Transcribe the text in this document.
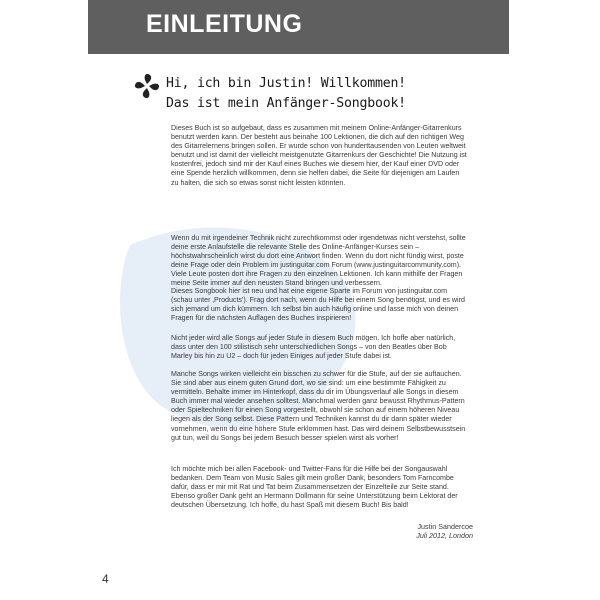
EINLEITUNG
Hi, ich bin Justin! Willkommen!
Das ist mein Anfänger-Songbook!
Dieses Buch ist so aufgebaut, dass es zusammen mit meinem Online-Anfänger-Gitarrenkurs benutzt werden kann. Der besteht aus beinahe 100 Lektionen, die dich auf den richtigen Weg des Gitarrelernens bringen sollen. Er wurde schon von hunderttausenden von Leuten weltweit benutzt und ist damit der vielleicht meistgenutzte Gitarrenkurs der Geschichte! Die Nutzung ist kostenfrei, jedoch sind mir der Kauf eines Buches wie diesem hier, der Kauf einer DVD oder eine Spende herzlich willkommen, denn sie helfen dabei, die Seite für diejenigen am Laufen zu halten, die sich so etwas sonst nicht leisten könnten.
Wenn du mit irgendeiner Technik nicht zurechtkommst oder irgendetwas nicht verstehst, solltе deine erste Anlaufstelle die relevante Stelle des Online-Anfänger-Kurses sein – höchstwahrscheinlich wirst du dort eine Antwort finden. Wenn du dort nicht fündig wirst, poste deine Frage oder dein Problem im justinguitar.com Forum (www.justinguitarcommunity.com). Viele Leute posten dort ihre Fragen zu den einzelnen Lektionen. Ich kann mithilfe der Fragen meine Seite immer auf den neusten Stand bringen und verbessern.
Dieses Songbook hier ist neu und hat eine eigene Sparte im Forum von justinguitar.com (schau unter ‚Products'). Frag dort nach, wenn du Hilfe bei einem Song benötigst, und es wird sich jemand um dich kümmern. Ich selbst bin auch häufig online und lasse mich von deinen Fragen für die nächsten Auflagen des Buches inspirieren!
Nicht jeder wird alle Songs auf jeder Stufe in diesem Buch mögen. Ich hoffe aber natürlich, dass unter den 100 stilistisch sehr unterschiedlichen Songs – von den Beatles über Bob Marley bis hin zu U2 – doch für jeden Einiges auf jeder Stufe dabei ist.
Manche Songs wirken vielleicht ein bisschen zu schwer für die Stufe, auf der sie auftauchen. Sie sind aber aus einem guten Grund dort, wo sie sind: um eine bestimmte Fähigkeit zu vermitteln. Behalte immer im Hinterkopf, dass du dir im Übungsverlauf alle Songs in diesem Buch immer mal wieder ansehen solltest. Manchmal werden ganz bewusst Rhythmus-Pattern oder Spieltechniken für einen Song vorgestellt, obwohl sie schon auf einem höheren Niveau liegen als der Song selbst. Diese Pattern und Techniken kannst du dir dann später wieder vornehmen, wenn du eine höhere Stufe erklommen hast. Das wird deinem Selbstbewusstsein gut tun, weil du Songs bei jedem Besuch besser spielen wirst als vorher!
Ich möchte mich bei allen Facebook- und Twitter-Fans für die Hilfe bei der Songauswahl bedanken. Dem Team von Music Sales gilt mein großer Dank, besonders Tom Farncombe dafür, dass er mir mit Rat und Tat beim Zusammensetzen der Einzelteile zur Seite stand. Ebenso großer Dank geht an Hermann Dollmann für seine Unterstützung beim Lektorat der deutschen Übersetzung. Ich hoffe, du hast Spaß mit diesem Buch! Bis bald!
Justin Sandercoe
Juli 2012, London
4
